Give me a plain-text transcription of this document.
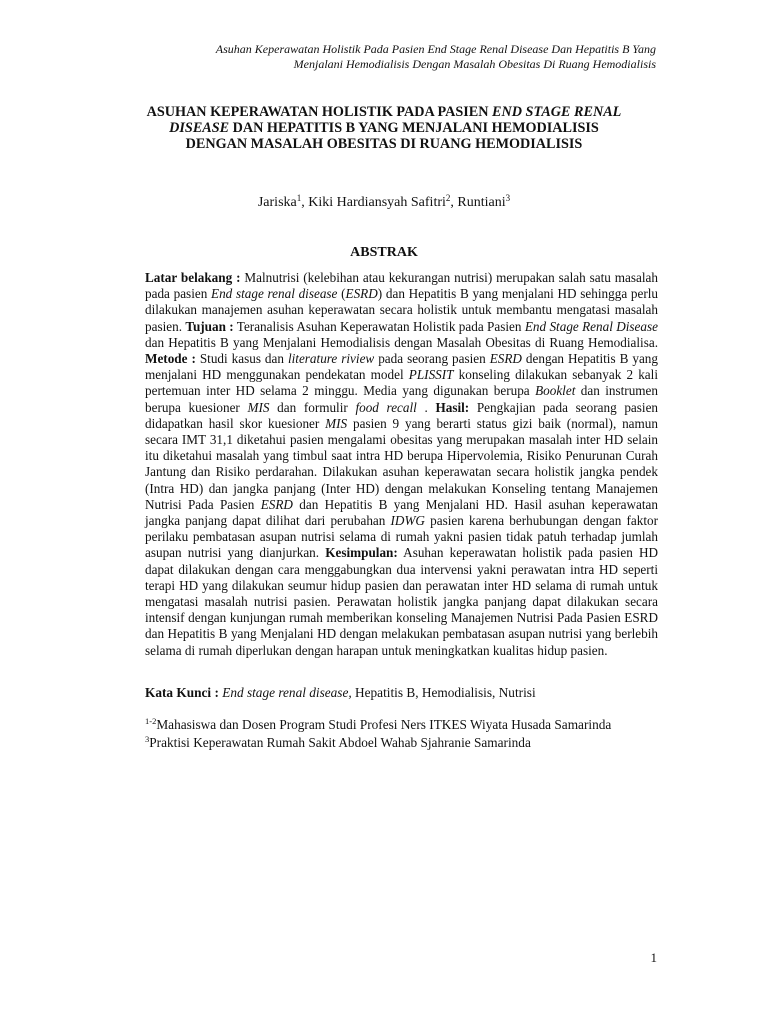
Asuhan Keperawatan Holistik Pada Pasien End Stage Renal Disease Dan Hepatitis B Yang
Menjalani Hemodialisis Dengan Masalah Obesitas Di Ruang Hemodialisis
ASUHAN KEPERAWATAN HOLISTIK PADA PASIEN END STAGE RENAL DISEASE DAN HEPATITIS B YANG MENJALANI HEMODIALISIS DENGAN MASALAH OBESITAS DI RUANG HEMODIALISIS
Jariska$^1$, Kiki Hardiansyah Safitri$^2$, Runtiani$^3$
ABSTRAK
Latar belakang : Malnutrisi (kelebihan atau kekurangan nutrisi) merupakan salah satu masalah pada pasien End stage renal disease (ESRD) dan Hepatitis B yang menjalani HD sehingga perlu dilakukan manajemen asuhan keperawatan secara holistik untuk membantu mengatasi masalah pasien. Tujuan : Teranalisis Asuhan Keperawatan Holistik pada Pasien End Stage Renal Disease dan Hepatitis B yang Menjalani Hemodialisis dengan Masalah Obesitas di Ruang Hemodialisa. Metode : Studi kasus dan literature riview pada seorang pasien ESRD dengan Hepatitis B yang menjalani HD menggunakan pendekatan model PLISSIT konseling dilakukan sebanyak 2 kali pertemuan inter HD selama 2 minggu. Media yang digunakan berupa Booklet dan instrumen berupa kuesioner MIS dan formulir food recall . Hasil: Pengkajian pada seorang pasien didapatkan hasil skor kuesioner MIS pasien 9 yang berarti status gizi baik (normal), namun secara IMT 31,1 diketahui pasien mengalami obesitas yang merupakan masalah inter HD selain itu diketahui masalah yang timbul saat intra HD berupa Hipervolemia, Risiko Penurunan Curah Jantung dan Risiko perdarahan. Dilakukan asuhan keperawatan secara holistik jangka pendek (Intra HD) dan jangka panjang (Inter HD) dengan melakukan Konseling tentang Manajemen Nutrisi Pada Pasien ESRD dan Hepatitis B yang Menjalani HD. Hasil asuhan keperawatan jangka panjang dapat dilihat dari perubahan IDWG pasien karena berhubungan dengan faktor perilaku pembatasan asupan nutrisi selama di rumah yakni pasien tidak patuh terhadap jumlah asupan nutrisi yang dianjurkan. Kesimpulan: Asuhan keperawatan holistik pada pasien HD dapat dilakukan dengan cara menggabungkan dua intervensi yakni perawatan intra HD seperti terapi HD yang dilakukan seumur hidup pasien dan perawatan inter HD selama di rumah untuk mengatasi masalah nutrisi pasien. Perawatan holistik jangka panjang dapat dilakukan secara intensif dengan kunjungan rumah memberikan konseling Manajemen Nutrisi Pada Pasien ESRD dan Hepatitis B yang Menjalani HD dengan melakukan pembatasan asupan nutrisi yang berlebih selama di rumah diperlukan dengan harapan untuk meningkatkan kualitas hidup pasien.
Kata Kunci : End stage renal disease, Hepatitis B, Hemodialisis, Nutrisi
$^{1-2}$Mahasiswa dan Dosen Program Studi Profesi Ners ITKES Wiyata Husada Samarinda
$^3$Praktisi Keperawatan Rumah Sakit Abdoel Wahab Sjahranie Samarinda
1
